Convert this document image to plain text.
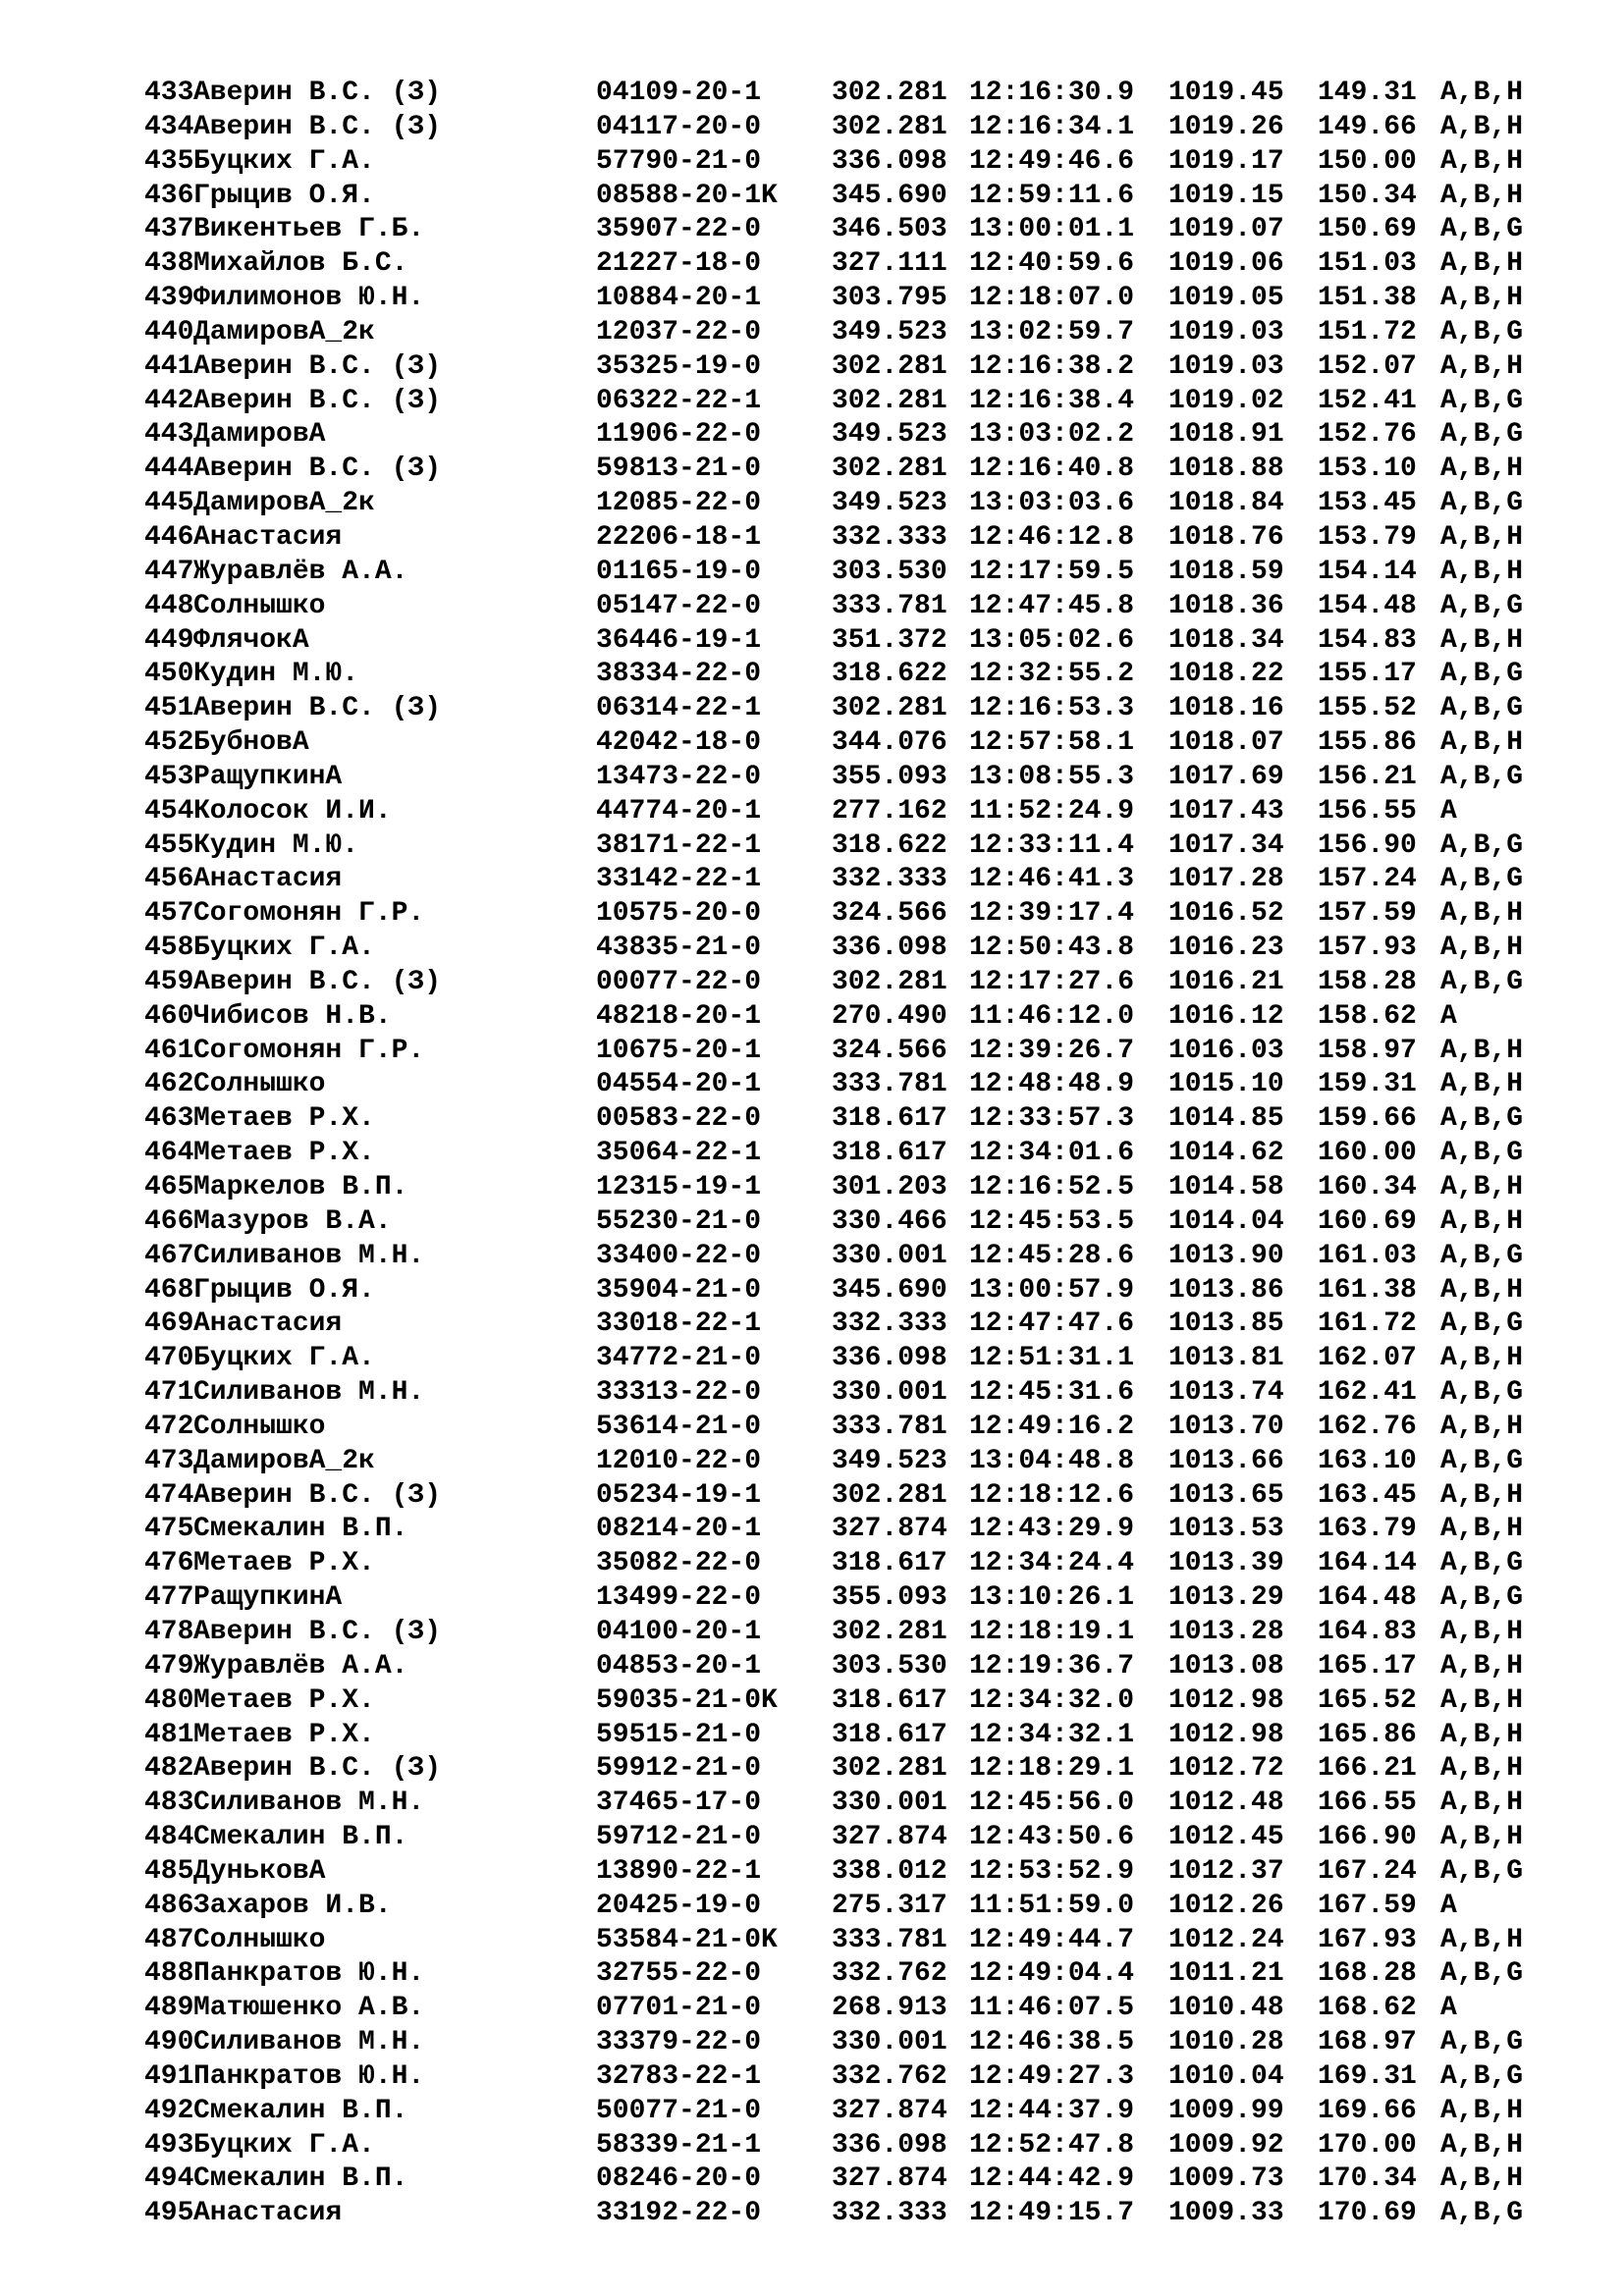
433 Аверин В.С. (З)	04109-20-1	302.281 12:16:30.9	1019.45	149.31 A,B,H
434 Аверин В.С. (З)	04117-20-0	302.281 12:16:34.1	1019.26	149.66 A,B,H
435 Буцких Г.А.	57790-21-0	336.098 12:49:46.6	1019.17	150.00 A,B,H
436 Грыцив О.Я.	08588-20-1K	345.690 12:59:11.6	1019.15	150.34 A,B,H
437 Викентьев Г.Б.	35907-22-0	346.503 13:00:01.1	1019.07	150.69 A,B,G
438 Михайлов Б.С.	21227-18-0	327.111 12:40:59.6	1019.06	151.03 A,B,H
439 Филимонов Ю.Н.	10884-20-1	303.795 12:18:07.0	1019.05	151.38 A,B,H
440 ДамировА_2к	12037-22-0	349.523 13:02:59.7	1019.03	151.72 A,B,G
441 Аверин В.С. (З)	35325-19-0	302.281 12:16:38.2	1019.03	152.07 A,B,H
442 Аверин В.С. (З)	06322-22-1	302.281 12:16:38.4	1019.02	152.41 A,B,G
443 ДамировА	11906-22-0	349.523 13:03:02.2	1018.91	152.76 A,B,G
444 Аверин В.С. (З)	59813-21-0	302.281 12:16:40.8	1018.88	153.10 A,B,H
445 ДамировА_2к	12085-22-0	349.523 13:03:03.6	1018.84	153.45 A,B,G
446 Анастасия	22206-18-1	332.333 12:46:12.8	1018.76	153.79 A,B,H
447 Журавлёв А.А.	01165-19-0	303.530 12:17:59.5	1018.59	154.14 A,B,H
448 Солнышко	05147-22-0	333.781 12:47:45.8	1018.36	154.48 A,B,G
449 ФлячокА	36446-19-1	351.372 13:05:02.6	1018.34	154.83 A,B,H
450 Кудин М.Ю.	38334-22-0	318.622 12:32:55.2	1018.22	155.17 A,B,G
451 Аверин В.С. (З)	06314-22-1	302.281 12:16:53.3	1018.16	155.52 A,B,G
452 БубновА	42042-18-0	344.076 12:57:58.1	1018.07	155.86 A,B,H
453 РащупкинА	13473-22-0	355.093 13:08:55.3	1017.69	156.21 A,B,G
454 Колосок И.И.	44774-20-1	277.162 11:52:24.9	1017.43	156.55 A
455 Кудин М.Ю.	38171-22-1	318.622 12:33:11.4	1017.34	156.90 A,B,G
456 Анастасия	33142-22-1	332.333 12:46:41.3	1017.28	157.24 A,B,G
457 Согомонян Г.Р.	10575-20-0	324.566 12:39:17.4	1016.52	157.59 A,B,H
458 Буцких Г.А.	43835-21-0	336.098 12:50:43.8	1016.23	157.93 A,B,H
459 Аверин В.С. (З)	00077-22-0	302.281 12:17:27.6	1016.21	158.28 A,B,G
460 Чибисов Н.В.	48218-20-1	270.490 11:46:12.0	1016.12	158.62 A
461 Согомонян Г.Р.	10675-20-1	324.566 12:39:26.7	1016.03	158.97 A,B,H
462 Солнышко	04554-20-1	333.781 12:48:48.9	1015.10	159.31 A,B,H
463 Метаев Р.Х.	00583-22-0	318.617 12:33:57.3	1014.85	159.66 A,B,G
464 Метаев Р.Х.	35064-22-1	318.617 12:34:01.6	1014.62	160.00 A,B,G
465 Маркелов В.П.	12315-19-1	301.203 12:16:52.5	1014.58	160.34 A,B,H
466 Мазуров В.А.	55230-21-0	330.466 12:45:53.5	1014.04	160.69 A,B,H
467 Силиванов М.Н.	33400-22-0	330.001 12:45:28.6	1013.90	161.03 A,B,G
468 Грыцив О.Я.	35904-21-0	345.690 13:00:57.9	1013.86	161.38 A,B,H
469 Анастасия	33018-22-1	332.333 12:47:47.6	1013.85	161.72 A,B,G
470 Буцких Г.А.	34772-21-0	336.098 12:51:31.1	1013.81	162.07 A,B,H
471 Силиванов М.Н.	33313-22-0	330.001 12:45:31.6	1013.74	162.41 A,B,G
472 Солнышко	53614-21-0	333.781 12:49:16.2	1013.70	162.76 A,B,H
473 ДамировА_2к	12010-22-0	349.523 13:04:48.8	1013.66	163.10 A,B,G
474 Аверин В.С. (З)	05234-19-1	302.281 12:18:12.6	1013.65	163.45 A,B,H
475 Смекалин В.П.	08214-20-1	327.874 12:43:29.9	1013.53	163.79 A,B,H
476 Метаев Р.Х.	35082-22-0	318.617 12:34:24.4	1013.39	164.14 A,B,G
477 РащупкинА	13499-22-0	355.093 13:10:26.1	1013.29	164.48 A,B,G
478 Аверин В.С. (З)	04100-20-1	302.281 12:18:19.1	1013.28	164.83 A,B,H
479 Журавлёв А.А.	04853-20-1	303.530 12:19:36.7	1013.08	165.17 A,B,H
480 Метаев Р.Х.	59035-21-0K	318.617 12:34:32.0	1012.98	165.52 A,B,H
481 Метаев Р.Х.	59515-21-0	318.617 12:34:32.1	1012.98	165.86 A,B,H
482 Аверин В.С. (З)	59912-21-0	302.281 12:18:29.1	1012.72	166.21 A,B,H
483 Силиванов М.Н.	37465-17-0	330.001 12:45:56.0	1012.48	166.55 A,B,H
484 Смекалин В.П.	59712-21-0	327.874 12:43:50.6	1012.45	166.90 A,B,H
485 ДуньковА	13890-22-1	338.012 12:53:52.9	1012.37	167.24 A,B,G
486 Захаров И.В.	20425-19-0	275.317 11:51:59.0	1012.26	167.59 A
487 Солнышко	53584-21-0K	333.781 12:49:44.7	1012.24	167.93 A,B,H
488 Панкратов Ю.Н.	32755-22-0	332.762 12:49:04.4	1011.21	168.28 A,B,G
489 Матюшенко А.В.	07701-21-0	268.913 11:46:07.5	1010.48	168.62 A
490 Силиванов М.Н.	33379-22-0	330.001 12:46:38.5	1010.28	168.97 A,B,G
491 Панкратов Ю.Н.	32783-22-1	332.762 12:49:27.3	1010.04	169.31 A,B,G
492 Смекалин В.П.	50077-21-0	327.874 12:44:37.9	1009.99	169.66 A,B,H
493 Буцких Г.А.	58339-21-1	336.098 12:52:47.8	1009.92	170.00 A,B,H
494 Смекалин В.П.	08246-20-0	327.874 12:44:42.9	1009.73	170.34 A,B,H
495 Анастасия	33192-22-0	332.333 12:49:15.7	1009.33	170.69 A,B,G
